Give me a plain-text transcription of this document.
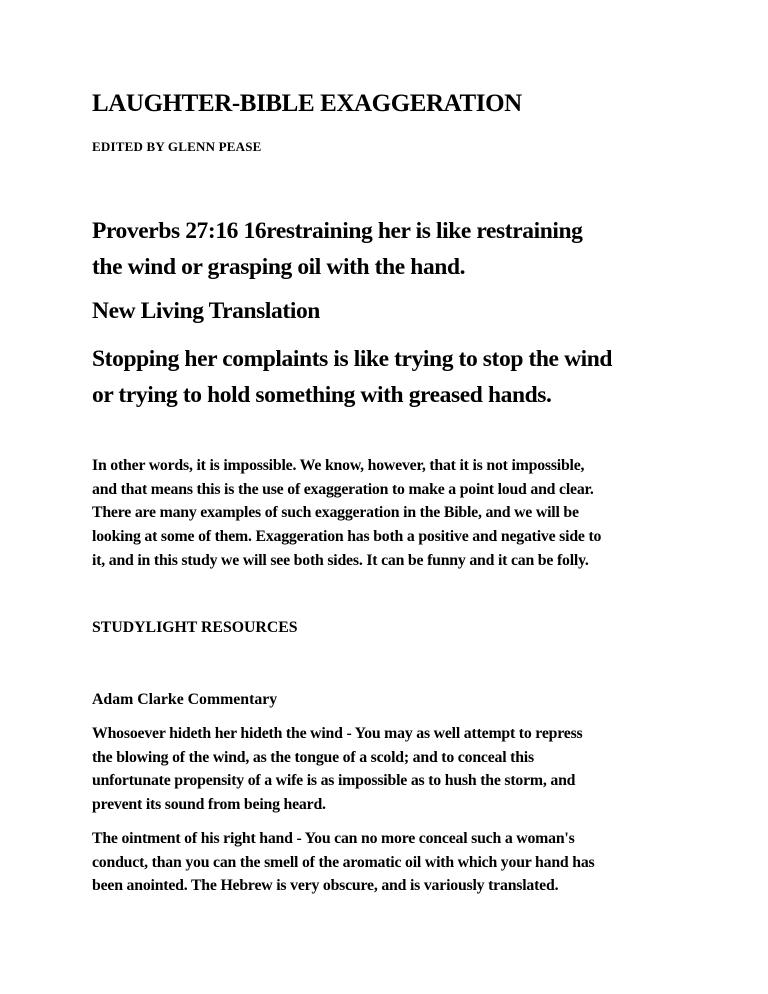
LAUGHTER-BIBLE EXAGGERATION
EDITED BY GLENN PEASE

Proverbs 27:16 16restraining her is like restraining
the wind or grasping oil with the hand.

New Living Translation

Stopping her complaints is like trying to stop the wind
or trying to hold something with greased hands.

In other words, it is impossible. We know, however, that it is not impossible,
and that means this is the use of exaggeration to make a point loud and clear.
There are many examples of such exaggeration in the Bible, and we will be
looking at some of them. Exaggeration has both a positive and negative side to
it, and in this study we will see both sides. It can be funny and it can be folly.

STUDYLIGHT RESOURCES
Adam Clarke Commentary

Whosoever hideth her hideth the wind - You may as well attempt to repress
the blowing of the wind, as the tongue of a scold; and to conceal this
unfortunate propensity of a wife is as impossible as to hush the storm, and
prevent its sound from being heard.

The ointment of his right hand - You can no more conceal such a woman's
conduct, than you can the smell of the aromatic oil with which your hand has
been anointed. The Hebrew is very obscure, and is variously translated.
